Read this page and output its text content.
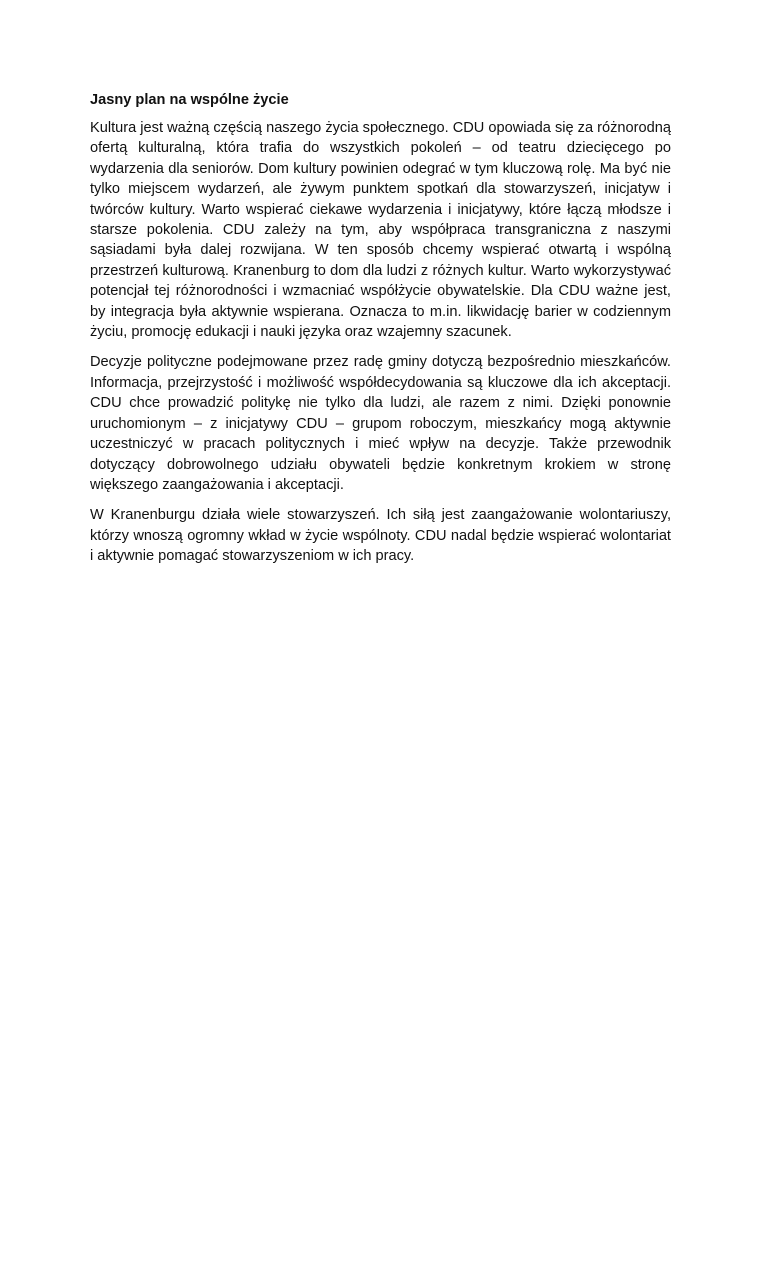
Jasny plan na wspólne życie

Kultura jest ważną częścią naszego życia społecznego. CDU opowiada się za różnorodną ofertą kulturalną, która trafia do wszystkich pokoleń – od teatru dziecięcego po wydarzenia dla seniorów. Dom kultury powinien odegrać w tym kluczową rolę. Ma być nie tylko miejscem wydarzeń, ale żywym punktem spotkań dla stowarzyszeń, inicjatyw i twórców kultury. Warto wspierać ciekawe wydarzenia i inicjatywy, które łączą młodsze i starsze pokolenia. CDU zależy na tym, aby współpraca transgraniczna z naszymi sąsiadami była dalej rozwijana. W ten sposób chcemy wspierać otwartą i wspólną przestrzeń kulturową. Kranenburg to dom dla ludzi z różnych kultur. Warto wykorzystywać potencjał tej różnorodności i wzmacniać współżycie obywatelskie. Dla CDU ważne jest, by integracja była aktywnie wspierana. Oznacza to m.in. likwidację barier w codziennym życiu, promocję edukacji i nauki języka oraz wzajemny szacunek.

Decyzje polityczne podejmowane przez radę gminy dotyczą bezpośrednio mieszkańców. Informacja, przejrzystość i możliwość współdecydowania są kluczowe dla ich akceptacji. CDU chce prowadzić politykę nie tylko dla ludzi, ale razem z nimi. Dzięki ponownie uruchomionym – z inicjatywy CDU – grupom roboczym, mieszkańcy mogą aktywnie uczestniczyć w pracach politycznych i mieć wpływ na decyzje. Także przewodnik dotyczący dobrowolnego udziału obywateli będzie konkretnym krokiem w stronę większego zaangażowania i akceptacji.

W Kranenburgu działa wiele stowarzyszeń. Ich siłą jest zaangażowanie wolontariuszy, którzy wnoszą ogromny wkład w życie wspólnoty. CDU nadal będzie wspierać wolontariat i aktywnie pomagać stowarzyszeniom w ich pracy.
